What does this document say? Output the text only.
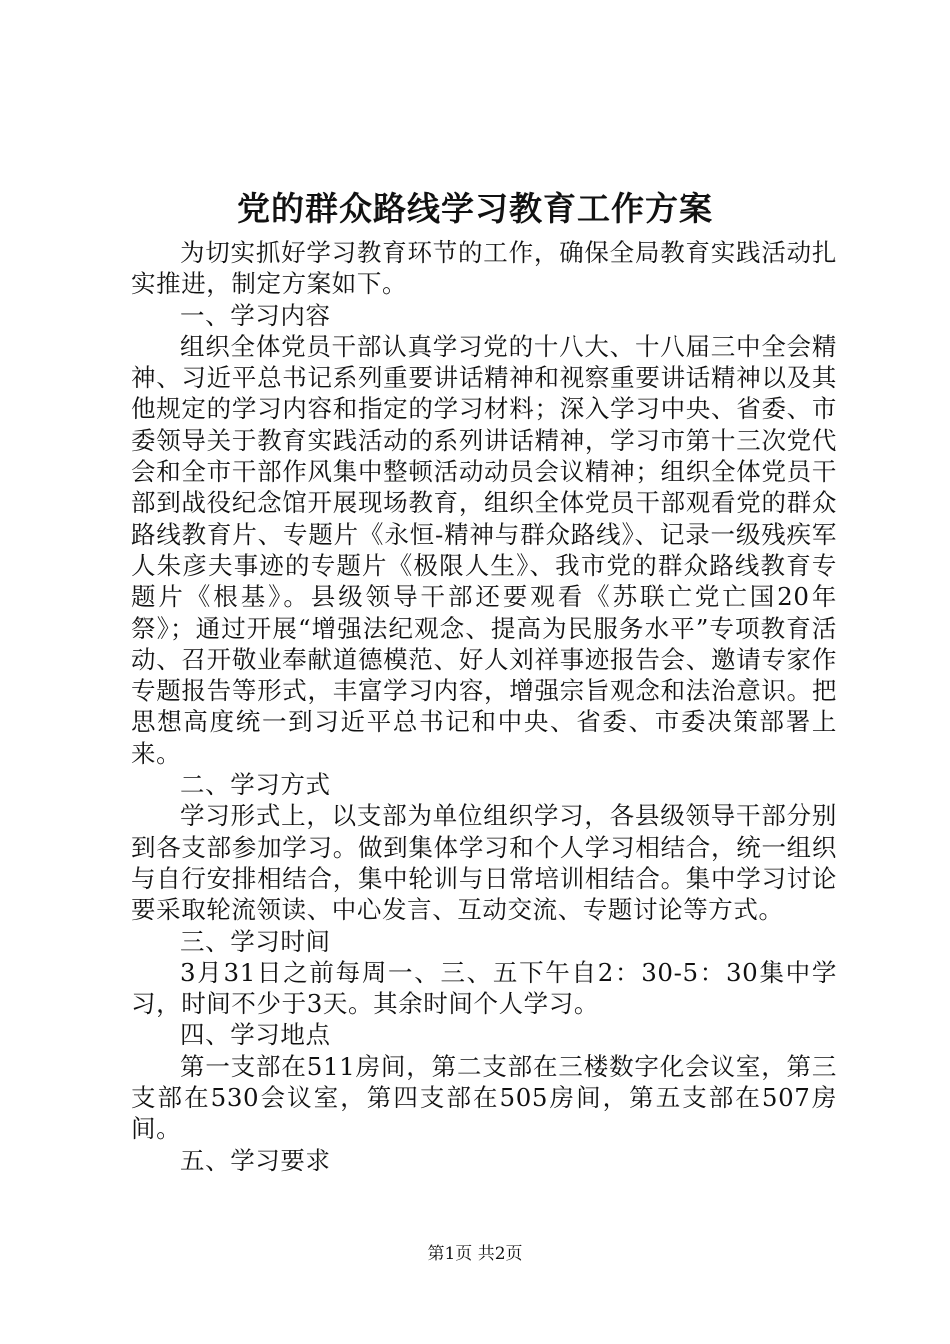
党的群众路线学习教育工作方案

为切实抓好学习教育环节的工作，确保全局教育实践活动扎实推进，制定方案如下。

一、学习内容

组织全体党员干部认真学习党的十八大、十八届三中全会精神、习近平总书记系列重要讲话精神和视察重要讲话精神以及其他规定的学习内容和指定的学习材料；深入学习中央、省委、市委领导关于教育实践活动的系列讲话精神，学习市第十三次党代会和全市干部作风集中整顿活动动员会议精神；组织全体党员干部到战役纪念馆开展现场教育，组织全体党员干部观看党的群众路线教育片、专题片《永恒-精神与群众路线》、记录一级残疾军人朱彦夫事迹的专题片《极限人生》、我市党的群众路线教育专题片《根基》。县级领导干部还要观看《苏联亡党亡国20年祭》；通过开展“增强法纪观念、提高为民服务水平”专项教育活动、召开敬业奉献道德模范、好人刘祥事迹报告会、邀请专家作专题报告等形式，丰富学习内容，增强宗旨观念和法治意识。把思想高度统一到习近平总书记和中央、省委、市委决策部署上来。

二、学习方式

学习形式上，以支部为单位组织学习，各县级领导干部分别到各支部参加学习。做到集体学习和个人学习相结合，统一组织与自行安排相结合，集中轮训与日常培训相结合。集中学习讨论要采取轮流领读、中心发言、互动交流、专题讨论等方式。

三、学习时间

3月31日之前每周一、三、五下午自2：30-5：30集中学习，时间不少于3天。其余时间个人学习。

四、学习地点

第一支部在511房间，第二支部在三楼数字化会议室，第三支部在530会议室，第四支部在505房间，第五支部在507房间。

五、学习要求

第1页 共2页
